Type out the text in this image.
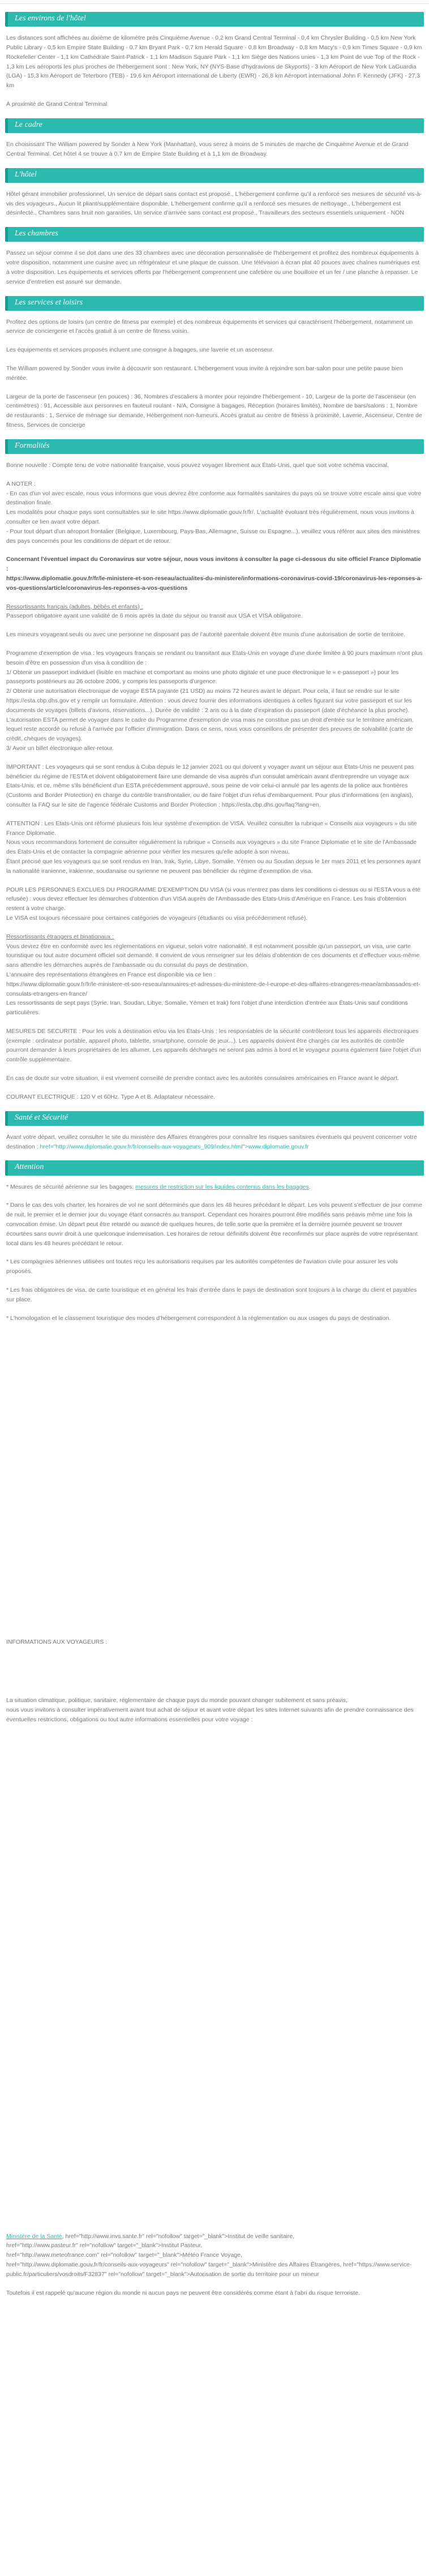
Les environs de l'hôtel
Les distances sont affichées au dixième de kilomètre près Cinquième Avenue - 0,2 km Grand Central Terminal - 0,4 km Chrysler Building - 0,5 km New York Public Library - 0,5 km Empire State Building - 0,7 km Bryant Park - 0,7 km Herald Square - 0,8 km Broadway - 0,8 km Macy's - 0,9 km Times Square - 0,9 km Rockefeller Center - 1,1 km Cathédrale Saint-Patrick - 1,1 km Madison Square Park - 1,1 km Siège des Nations unies - 1,3 km Point de vue Top of the Rock - 1,3 km Les aéroports les plus proches de l'hébergement sont : New York, NY (NYS-Base d'hydravions de Skyports) - 3 km Aéroport de New York LaGuardia (LGA) - 15,3 km Aéroport de Teterboro (TEB) - 19,6 km Aéroport international de Liberty (EWR) - 26,8 km Aéroport international John F. Kennedy (JFK) - 27,3 km
À proximité de Grand Central Terminal
Le cadre
En choisissant The William powered by Sonder à New York (Manhattan), vous serez à moins de 5 minutes de marche de Cinquième Avenue et de Grand Central Terminal. Cet hôtel 4 se trouve à 0,7 km de Empire State Building et à 1,1 km de Broadway.
L'hôtel
Hôtel gérant immobilier professionnel, Un service de départ sans contact est proposé., L'hébergement confirme qu'il a renforcé ses mesures de sécurité vis-à-vis des voyageurs., Aucun lit pliant/supplémentaire disponible, L'hébergement confirme qu'il a renforcé ses mesures de nettoyage., L'hébergement est désinfecté., Chambres sans bruit non garanties, Un service d'arrivée sans contact est proposé., Travailleurs des secteurs essentiels uniquement - NON
Les chambres
Passez un séjour comme il se doit dans une des 33 chambres avec une décoration personnalisée de l'hébergement et profitez des nombreux équipements à votre disposition, notamment une cuisine avec un réfrigérateur et une plaque de cuisson. Une télévision à écran plat 40 pouces avec chaînes numériques est à votre disposition. Les équipements et services offerts par l'hébergement comprennent une cafetière ou une bouilloire et un fer / une planche à repasser. Le service d'entretien est assuré sur demande.
Les services et loisirs
Profitez des options de loisirs (un centre de fitness par exemple) et des nombreux équipements et services qui caractérisent l'hébergement, notamment un service de conciergerie et l'accès gratuit à un centre de fitness voisin.
Les équipements et services proposés incluent une consigne à bagages, une laverie et un ascenseur.
The William powered by Sonder vous invite à découvrir son restaurant. L'hébergement vous invite à rejoindre son bar-salon pour une petite pause bien méritée.
Largeur de la porte de l'ascenseur (en pouces) : 36, Nombres d'escaliers à monter pour rejoindre l'hébergement - 10, Largeur de la porte de l'ascenseur (en centimètres) : 91, Accessible aux personnes en fauteuil roulant - N/A, Consigne à bagages, Réception (horaires limités), Nombre de bars/salons : 1, Nombre de restaurants : 1, Service de ménage sur demande, Hébergement non-fumeurs, Accès gratuit au centre de fitness à proximité, Laverie, Ascenseur, Centre de fitness, Services de concierge
Formalités
Bonne nouvelle : Compte tenu de votre nationalité française, vous pouvez voyager librement aux États-Unis, quel que soit votre schéma vaccinal.
A NOTER :
- En cas d'un vol avec escale, nous vous informons que vous devrez être conforme aux formalités sanitaires du pays où se trouve votre escale ainsi que votre destination finale.
Les modalités pour chaque pays sont consultables sur le site https://www.diplomatie.gouv.fr/fr/. L'actualité évoluant très régulièrement, nous vous invitons à consulter ce lien avant votre départ.
- Pour tout départ d'un aéroport frontalier (Belgique, Luxembourg, Pays-Bas, Allemagne, Suisse ou Espagne...), veuillez vous référer aux sites des ministères des pays concernés pour les conditions de départ et de retour.
Concernant l'éventuel impact du Coronavirus sur votre séjour, nous vous invitons à consulter la page ci-dessous du site officiel France Diplomatie :
https://www.diplomatie.gouv.fr/fr/le-ministere-et-son-reseau/actualites-du-ministere/informations-coronavirus-covid-19/coronavirus-les-reponses-a-vos-questions/article/coronavirus-les-reponses-a-vos-questions
Ressortissants français (adultes, bébés et enfants) :
Passeport obligatoire ayant une validité de 6 mois après la date du séjour ou transit aux USA et VISA obligatoire.
Les mineurs voyageant seuls ou avec une personne ne disposant pas de l'autorité parentale doivent être munis d'une autorisation de sortie de territoire.
Programme d'exemption de visa : les voyageurs français se rendant ou transitant aux Etats-Unis en voyage d'une durée limitée à 90 jours maximum n'ont plus besoin d'être en possession d'un visa à condition de :
1/ Obtenir un passeport individuel (lisible en machine et comportant au moins une photo digitale et une puce électronique le « e-passeport ») pour les passeports postérieurs au 26 octobre 2006, y compris les passeports d'urgence.
2/ Obtenir une autorisation électronique de voyage ESTA payante (21 USD) au moins 72 heures avant le départ. Pour cela, il faut se rendre sur le site https://esta.cbp.dhs.gov et y remplir un formulaire. Attention : vous devez fournir des informations identiques à celles figurant sur votre passeport et sur les documents de voyages (billets d'avions, réservations...). Durée de validité : 2 ans ou à la date d'expiration du passeport (date d'échéance la plus proche).
L'autorisation ESTA permet de voyager dans le cadre du Programme d'exemption de visa mais ne constitue pas un droit d'entrée sur le territoire américain, lequel reste accordé ou refusé à l'arrivée par l'officier d'immigration. Dans ce sens, nous vous conseillons de présenter des preuves de solvabilité (carte de crédit, chèques de voyages).
3/ Avoir un billet électronique aller-retour.
IMPORTANT : Les voyageurs qui se sont rendus à Cuba depuis le 12 janvier 2021 ou qui doivent y voyager avant un séjour aux Etats-Unis ne peuvent pas bénéficier du régime de l'ESTA et doivent obligatoirement faire une demande de visa auprès d'un consulat américain avant d'entreprendre un voyage aux Etats-Unis, et ce, même s'ils bénéficient d'un ESTA précédemment approuvé, sous peine de voir celui-ci annulé par les agents de la police aux frontières (Customs and Border Protection) en charge du contrôle transfrontalier, ou de faire l'objet d'un refus d'embarquement. Pour plus d'informations (en anglais), consulter la FAQ sur le site de l'agence fédérale Customs and Border Protection : https://esta.cbp.dhs.gov/faq?lang=en.
ATTENTION : Les Etats-Unis ont réformé plusieurs fois leur système d'exemption de VISA. Veuillez consulter la rubrique « Conseils aux voyageurs » du site France Diplomatie.
Nous vous recommandons fortement de consulter régulièrement la rubrique « Conseils aux voyageurs » du site France Diplomatie et le site de l'Ambassade des États-Unis et de contacter la compagnie aérienne pour vérifier les mesures qu'elle adopte à son niveau.
Étant précisé que les voyageurs qui se sont rendus en Iran, Irak, Syrie, Libye, Somalie, Yémen ou au Soudan depuis le 1er mars 2011 et les personnes ayant la nationalité iranienne, irakienne, soudanaise ou syrienne ne peuvent pas bénéficier du régime d'exemption de visa.
POUR LES PERSONNES EXCLUES DU PROGRAMME D'EXEMPTION DU VISA (si vous n'entrez pas dans les conditions ci-dessus ou si l'ESTA vous a été refusée) : vous devez effectuer les démarches d'obtention d'un VISA auprès de l'Ambassade des Etats-Unis d'Amérique en France. Les frais d'obtention restent à votre charge.
Le VISA est toujours nécessaire pour certaines catégories de voyageurs (étudiants ou visa précédemment refusé).
Ressortissants étrangers et binationaux :
Vous devrez être en conformité avec les réglementations en vigueur, selon votre nationalité. Il est notamment possible qu'un passeport, un visa, une carte touristique ou tout autre document officiel soit demandé. Il convient de vous renseigner sur les délais d'obtention de ces documents et d'effectuer vous-même sans attendre les démarches auprès de l'ambassade ou du consulat du pays de destination.
L'annuaire des représentations étrangères en France est disponible via ce lien :
https://www.diplomatie.gouv.fr/fr/le-ministere-et-son-reseau/annuaires-et-adresses-du-ministere-de-l-europe-et-des-affaires-etrangeres-meae/ambassades-et-consulats-etrangers-en-france/
Les ressortissants de sept pays (Syrie, Iran, Soudan, Libye, Somalie, Yémen et Irak) font l'objet d'une interdiction d'entrée aux États-Unis sauf conditions particulières.
MESURES DE SECURITE : Pour les vols à destination et/ou via les États-Unis : les responsables de la sécurité contrôleront tous les appareils électroniques (exemple : ordinateur portable, appareil photo, tablette, smartphone, console de jeux...). Les appareils doivent être chargés car les autorités de contrôle pourront demander à leurs propriétaires de les allumer. Les appareils déchargés ne seront pas admis à bord et le voyageur pourra également faire l'objet d'un contrôle supplémentaire.
En cas de doute sur votre situation, il est vivement conseillé de prendre contact avec les autorités consulaires américaines en France avant le départ.
COURANT ELECTRIQUE : 120 V et 60Hz. Type A et B. Adaptateur nécessaire.
Santé et Sécurité
Avant votre départ, veuillez consulter le site du ministère des Affaires étrangères pour connaître les risques sanitaires éventuels qui peuvent concerner votre destination : href="http://www.diplomatie.gouv.fr/fr/conseils-aux-voyageurs_909/index.html">www.diplomatie.gouv.fr
Attention
* Mesures de sécurité aérienne sur les bagages: mesures de restriction sur les liquides contenus dans les bagages.
* Dans le cas des vols charter, les horaires de vol ne sont déterminés que dans les 48 heures précédant le départ. Les vols peuvent s'effectuer de jour comme de nuit, le premier et le dernier jour du voyage étant consacrés au transport. Cependant ces horaires pourront être modifiés sans préavis même une fois la convocation émise. Un départ peut être retardé ou avancé de quelques heures, de telle sorte que la première et la dernière journée peuvent se trouver écourtées sans ouvrir droit à une quelconque indemnisation. Les horaires de retour définitifs doivent être reconfirmés sur place auprès de votre représentant local dans les 48 heures précédant le retour.
* Les compagnies aériennes utilisées ont toutes reçu les autorisations requises par les autorités compétentes de l'aviation civile pour assurer les vols proposés.
* Les frais obligatoires de visa, de carte touristique et en général les frais d'entrée dans le pays de destination sont toujours à la charge du client et payables sur place.
* L'homologation et le classement touristique des modes d'hébergement correspondent à la réglementation ou aux usages du pays de destination.
INFORMATIONS AUX VOYAGEURS :
La situation climatique, politique, sanitaire, réglementaire de chaque pays du monde pouvant changer subitement et sans préavis,
nous vous invitons à consulter impérativement avant tout achat de séjour et avant votre départ les sites Internet suivants afin de prendre connaissance des éventuelles restrictions, obligations ou tout autre informations essentielles pour votre voyage :
Ministère de la Santé, href="http://www.invs.sante.fr" rel="nofollow" target="_blank">Institut de veille sanitaire,
href="http://www.pasteur.fr" rel="nofollow" target="_blank">Institut Pasteur,
href="http://www.meteofrance.com" rel="nofollow" target="_blank">Météo France Voyage,
href="http://www.diplomatie.gouv.fr/fr/conseils-aux-voyageurs" rel="nofollow" target="_blank">Ministère des Affaires Étrangères, href="https://www.service-public.fr/particuliers/vosdroits/F32837" rel="nofollow" target="_blank">Autorisation de sortie du territoire pour un mineur
Toutefois il est rappelé qu'aucune région du monde ni aucun pays ne peuvent être considérés comme étant à l'abri du risque terroriste.
